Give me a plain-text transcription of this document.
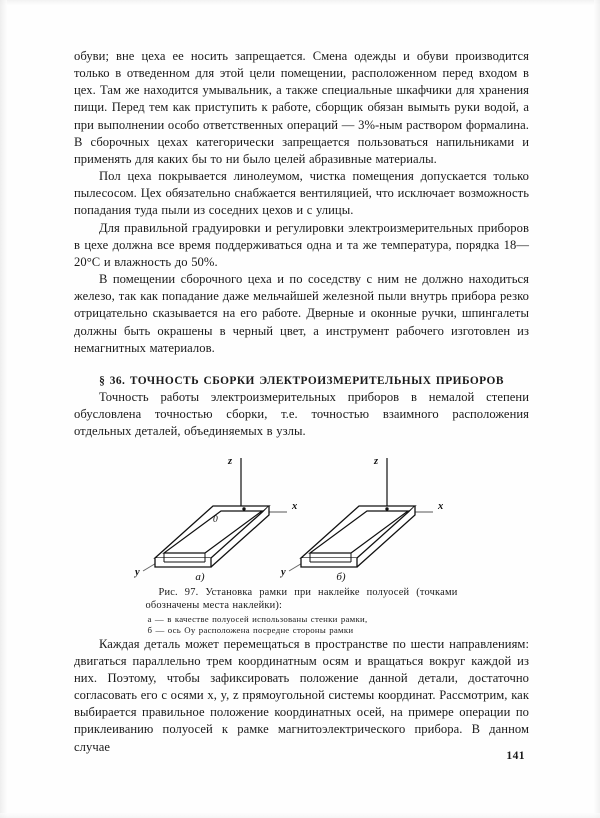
обуви; вне цеха ее носить запрещается. Смена одежды и обуви производится только в отведенном для этой цели помещении, расположенном перед входом в цех. Там же находится умывальник, а также специальные шкафчики для хранения пищи. Перед тем как приступить к работе, сборщик обязан вымыть руки водой, а при выполнении особо ответственных операций — 3%-ным раствором формалина. В сборочных цехах категорически запрещается пользоваться напильниками и применять для каких бы то ни было целей абразивные материалы.

Пол цеха покрывается линолеумом, чистка помещения допускается только пылесосом. Цех обязательно снабжается вентиляцией, что исключает возможность попадания туда пыли из соседних цехов и с улицы.

Для правильной градуировки и регулировки электроизмерительных приборов в цехе должна все время поддерживаться одна и та же температура, порядка 18—20°С и влажность до 50%.

В помещении сборочного цеха и по соседству с ним не должно находиться железо, так как попадание даже мельчайшей железной пыли внутрь прибора резко отрицательно сказывается на его работе. Дверные и оконные ручки, шпингалеты должны быть окрашены в черный цвет, а инструмент рабочего изготовлен из немагнитных материалов.

§ 36. ТОЧНОСТЬ СБОРКИ ЭЛЕКТРОИЗМЕРИТЕЛЬНЫХ ПРИБОРОВ

Точность работы электроизмерительных приборов в немалой степени обусловлена точностью сборки, т.е. точностью взаимного расположения отдельных деталей, объединяемых в узлы.

z
x
y
z
x
y
0
а)	б)
Рис. 97. Установка рамки при наклейке полуосей (точками обозначены места наклейки):
а — в качестве полуосей использованы стенки рамки,
б — ось Oy расположена посредне стороны рамки

Каждая деталь может перемещаться в пространстве по шести направлениям: двигаться параллельно трем координатным осям и вращаться вокруг каждой из них. Поэтому, чтобы зафиксировать положение данной детали, достаточно согласовать его с осями x, y, z прямоугольной системы координат. Рассмотрим, как выбирается правильное положение координатных осей, на примере операции по приклеиванию полуосей к рамке магнитоэлектрического прибора. В данном случае

141
